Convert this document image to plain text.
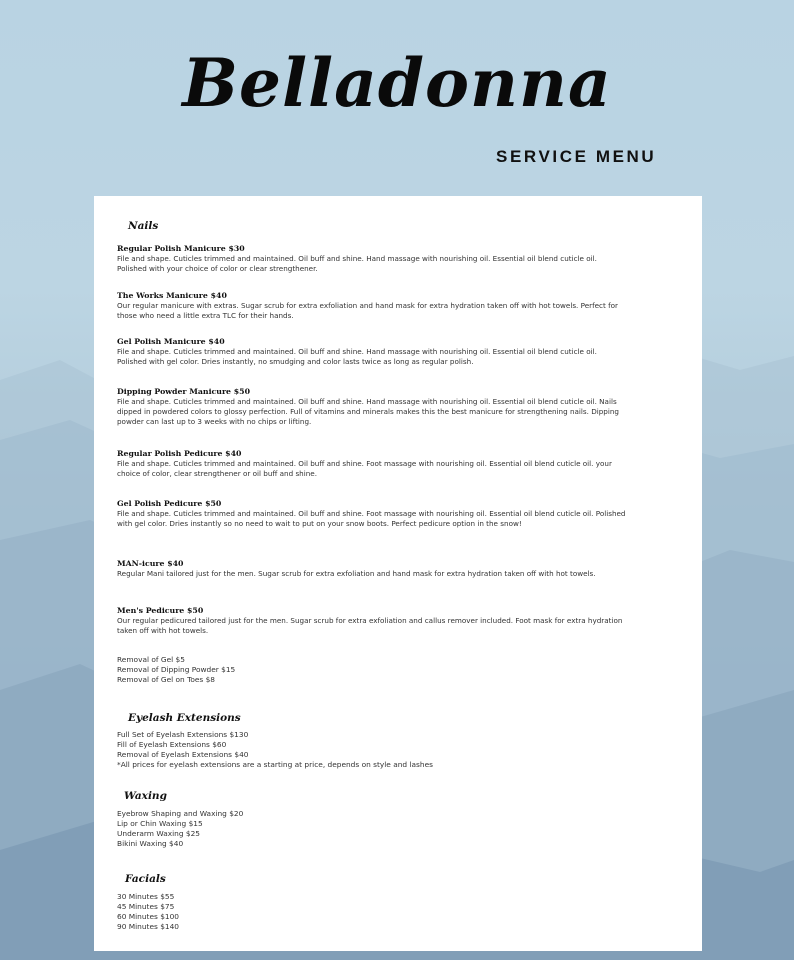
Belladonna
SERVICE MENU
Nails
Regular Polish Manicure $30
File and shape. Cuticles trimmed and maintained. Oil buff and shine. Hand massage with nourishing oil. Essential oil blend cuticle oil. Polished with your choice of color or clear strengthener.
The Works Manicure $40
Our regular manicure with extras. Sugar scrub for extra exfoliation and hand mask for extra hydration taken off with hot towels. Perfect for those who need a little extra TLC for their hands.
Gel Polish Manicure $40
File and shape. Cuticles trimmed and maintained. Oil buff and shine. Hand massage with nourishing oil. Essential oil blend cuticle oil. Polished with gel color. Dries instantly, no smudging and color lasts twice as long as regular polish.
Dipping Powder Manicure $50
File and shape. Cuticles trimmed and maintained. Oil buff and shine. Hand massage with nourishing oil. Essential oil blend cuticle oil. Nails dipped in powdered colors to glossy perfection. Full of vitamins and minerals makes this the best manicure for strengthening nails. Dipping powder can last up to 3 weeks with no chips or lifting.
Regular Polish Pedicure $40
File and shape. Cuticles trimmed and maintained. Oil buff and shine. Foot massage with nourishing oil. Essential oil blend cuticle oil. your choice of color, clear strengthener or oil buff and shine.
Gel Polish Pedicure $50
File and shape. Cuticles trimmed and maintained. Oil buff and shine. Foot massage with nourishing oil. Essential oil blend cuticle oil. Polished with gel color. Dries instantly so no need to wait to put on your snow boots. Perfect pedicure option in the snow!
MAN-icure $40
Regular Mani tailored just for the men. Sugar scrub for extra exfoliation and hand mask for extra hydration taken off with hot towels.
Men's Pedicure $50
Our regular pedicured tailored just for the men. Sugar scrub for extra exfoliation and callus remover included. Foot mask for extra hydration taken off with hot towels.
Removal of Gel $5
Removal of Dipping Powder $15
Removal of Gel on Toes $8
Eyelash Extensions
Full Set of Eyelash Extensions $130
Fill of Eyelash Extensions $60
Removal of Eyelash Extensions $40
*All prices for eyelash extensions are a starting at price, depends on style and lashes
Waxing
Eyebrow Shaping and Waxing $20
Lip or Chin Waxing $15
Underarm Waxing $25
Bikini Waxing $40
Facials
30 Minutes $55
45 Minutes $75
60 Minutes $100
90 Minutes $140
